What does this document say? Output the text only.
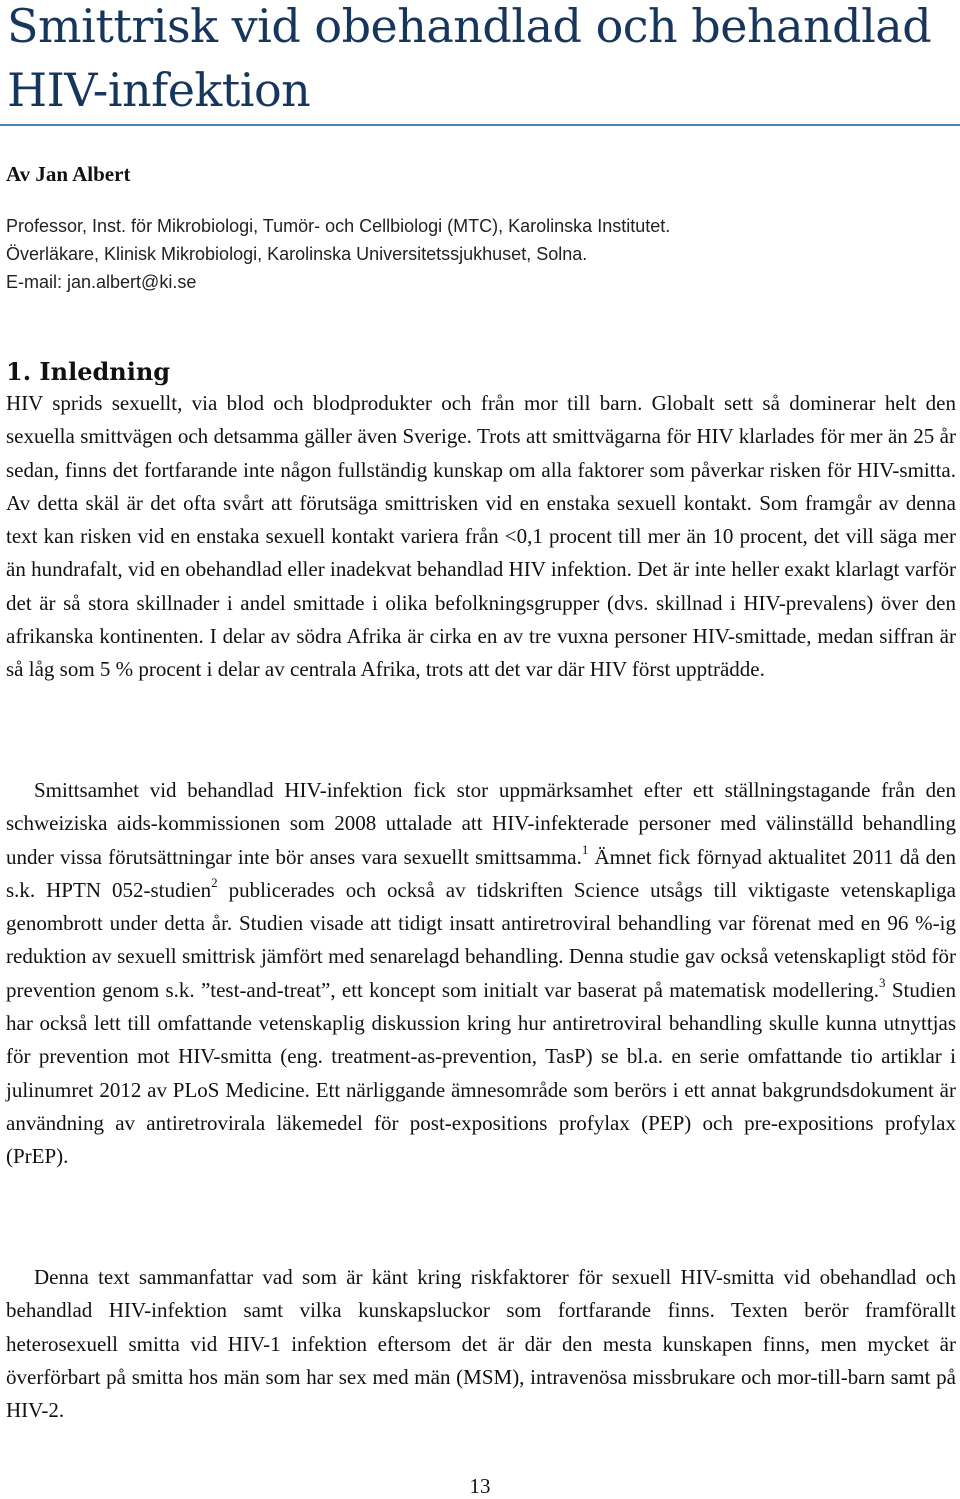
Smittrisk vid obehandlad och behandlad HIV-infektion

Av Jan Albert

Professor, Inst. för Mikrobiologi, Tumör- och Cellbiologi (MTC), Karolinska Institutet.
Överläkare, Klinisk Mikrobiologi, Karolinska Universitetssjukhuset, Solna.
E-mail: jan.albert@ki.se
1. Inledning

HIV sprids sexuellt, via blod och blodprodukter och från mor till barn. Globalt sett så dominerar helt den sexuella smittvägen och detsamma gäller även Sverige. Trots att smittvägarna för HIV klarlades för mer än 25 år sedan, finns det fortfarande inte någon fullständig kunskap om alla faktorer som påverkar risken för HIV-smitta. Av detta skäl är det ofta svårt att förutsäga smittrisken vid en enstaka sexuell kontakt. Som framgår av denna text kan risken vid en enstaka sexuell kontakt variera från <0,1 procent till mer än 10 procent, det vill säga mer än hundrafalt, vid en obehandlad eller inadekvat behandlad HIV infektion. Det är inte heller exakt klarlagt varför det är så stora skillnader i andel smittade i olika befolkningsgrupper (dvs. skillnad i HIV-prevalens) över den afrikanska kontinenten. I delar av södra Afrika är cirka en av tre vuxna personer HIV-smittade, medan siffran är så låg som 5 % procent i delar av centrala Afrika, trots att det var där HIV först uppträdde.

Smittsamhet vid behandlad HIV-infektion fick stor uppmärksamhet efter ett ställningstagande från den schweiziska aids-kommissionen som 2008 uttalade att HIV-infekterade personer med välinställd behandling under vissa förutsättningar inte bör anses vara sexuellt smittsamma.$^1$ Ämnet fick förnyad aktualitet 2011 då den s.k. HPTN 052-studien$^2$ publicerades och också av tidskriften Science utsågs till viktigaste vetenskapliga genombrott under detta år. Studien visade att tidigt insatt antiretroviral behandling var förenat med en 96 %-ig reduktion av sexuell smittrisk jämfört med senarelagd behandling. Denna studie gav också vetenskapligt stöd för prevention genom s.k. ”test-and-treat”, ett koncept som initialt var baserat på matematisk modellering.$^3$ Studien har också lett till omfattande vetenskaplig diskussion kring hur antiretroviral behandling skulle kunna utnyttjas för prevention mot HIV-smitta (eng. treatment-as-prevention, TasP) se bl.a. en serie omfattande tio artiklar i julinumret 2012 av PLoS Medicine. Ett närliggande ämnesområde som berörs i ett annat bakgrundsdokument är användning av antiretrovirala läkemedel för post-expositions profylax (PEP) och pre-expositions profylax (PrEP).

Denna text sammanfattar vad som är känt kring riskfaktorer för sexuell HIV-smitta vid obehandlad och behandlad HIV-infektion samt vilka kunskapsluckor som fortfarande finns. Texten berör framförallt heterosexuell smitta vid HIV-1 infektion eftersom det är där den mesta kunskapen finns, men mycket är överförbart på smitta hos män som har sex med män (MSM), intravenösa missbrukare och mor-till-barn samt på HIV-2.

13
